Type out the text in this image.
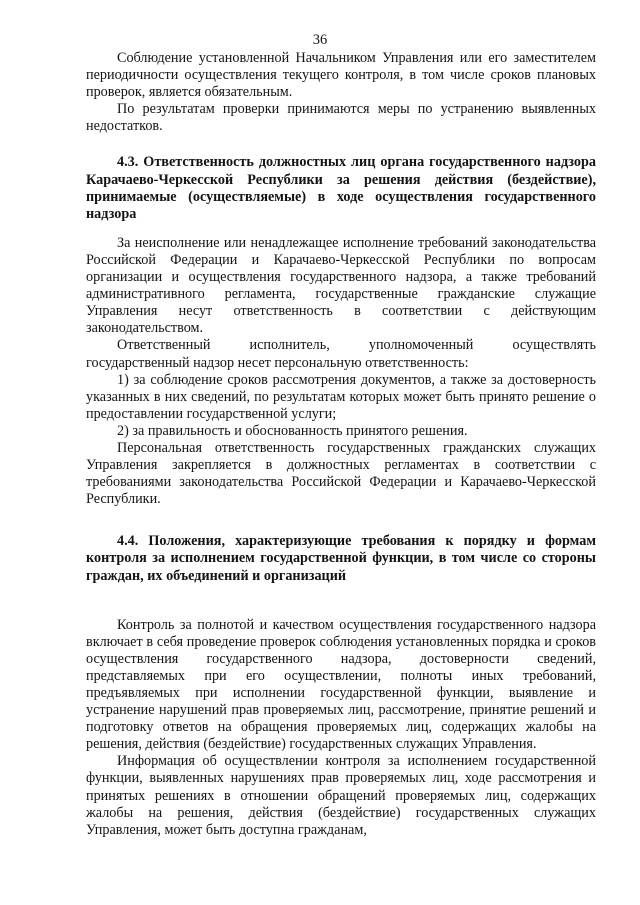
36

Соблюдение установленной Начальником Управления или его заместителем периодичности осуществления текущего контроля, в том числе сроков плановых проверок, является обязательным.

По результатам проверки принимаются меры по устранению выявленных недостатков.

4.3. Ответственность должностных лиц органа государственного надзора Карачаево-Черкесской Республики за решения действия (бездействие), принимаемые (осуществляемые) в ходе осуществления государственного надзора

За неисполнение или ненадлежащее исполнение требований законодательства Российской Федерации и Карачаево-Черкесской Республики по вопросам организации и осуществления государственного надзора, а также требований административного регламента, государственные гражданские служащие Управления несут ответственность в соответствии с действующим законодательством.

Ответственный исполнитель, уполномоченный осуществлять государственный надзор несет персональную ответственность:

1) за соблюдение сроков рассмотрения документов, а также за достоверность указанных в них сведений, по результатам которых может быть принято решение о предоставлении государственной услуги;

2) за правильность и обоснованность принятого решения.

Персональная ответственность государственных гражданских служащих Управления закрепляется в должностных регламентах в соответствии с требованиями законодательства Российской Федерации и Карачаево-Черкесской Республики.

4.4. Положения, характеризующие требования к порядку и формам контроля за исполнением государственной функции, в том числе со стороны граждан, их объединений и организаций

Контроль за полнотой и качеством осуществления государственного надзора включает в себя проведение проверок соблюдения установленных порядка и сроков осуществления государственного надзора, достоверности сведений, представляемых при его осуществлении, полноты иных требований, предъявляемых при исполнении государственной функции, выявление и устранение нарушений прав проверяемых лиц, рассмотрение, принятие решений и подготовку ответов на обращения проверяемых лиц, содержащих жалобы на решения, действия (бездействие) государственных служащих Управления.

Информация об осуществлении контроля за исполнением государственной функции, выявленных нарушениях прав проверяемых лиц, ходе рассмотрения и принятых решениях в отношении обращений проверяемых лиц, содержащих жалобы на решения, действия (бездействие) государственных служащих Управления, может быть доступна гражданам,
